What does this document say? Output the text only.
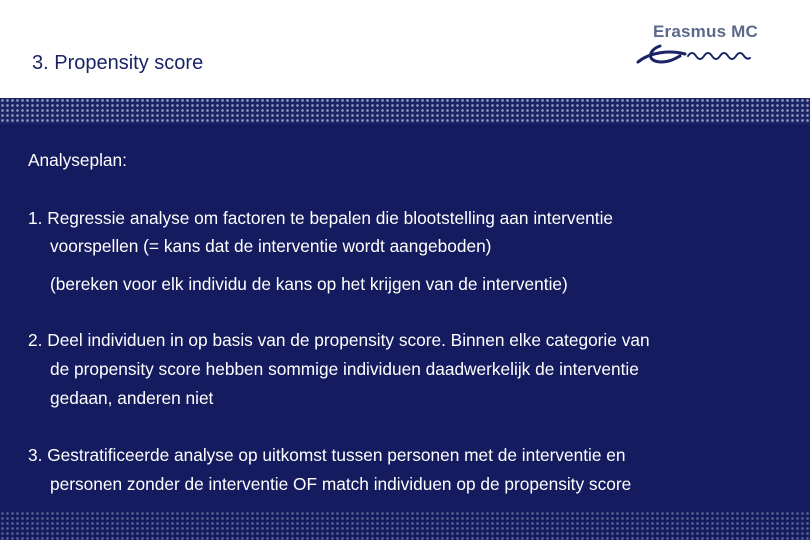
3. Propensity score
Erasmus MC
Analyseplan:
1. Regressie analyse om factoren te bepalen die blootstelling aan interventie
voorspellen (= kans dat de interventie wordt aangeboden)
(bereken voor elk individu de kans op het krijgen van de interventie)
2. Deel individuen in op basis van de propensity score. Binnen elke categorie van
de propensity score hebben sommige individuen daadwerkelijk de interventie
gedaan, anderen niet
3. Gestratificeerde analyse op uitkomst tussen personen met de interventie en
personen zonder de interventie OF match individuen op de propensity score
